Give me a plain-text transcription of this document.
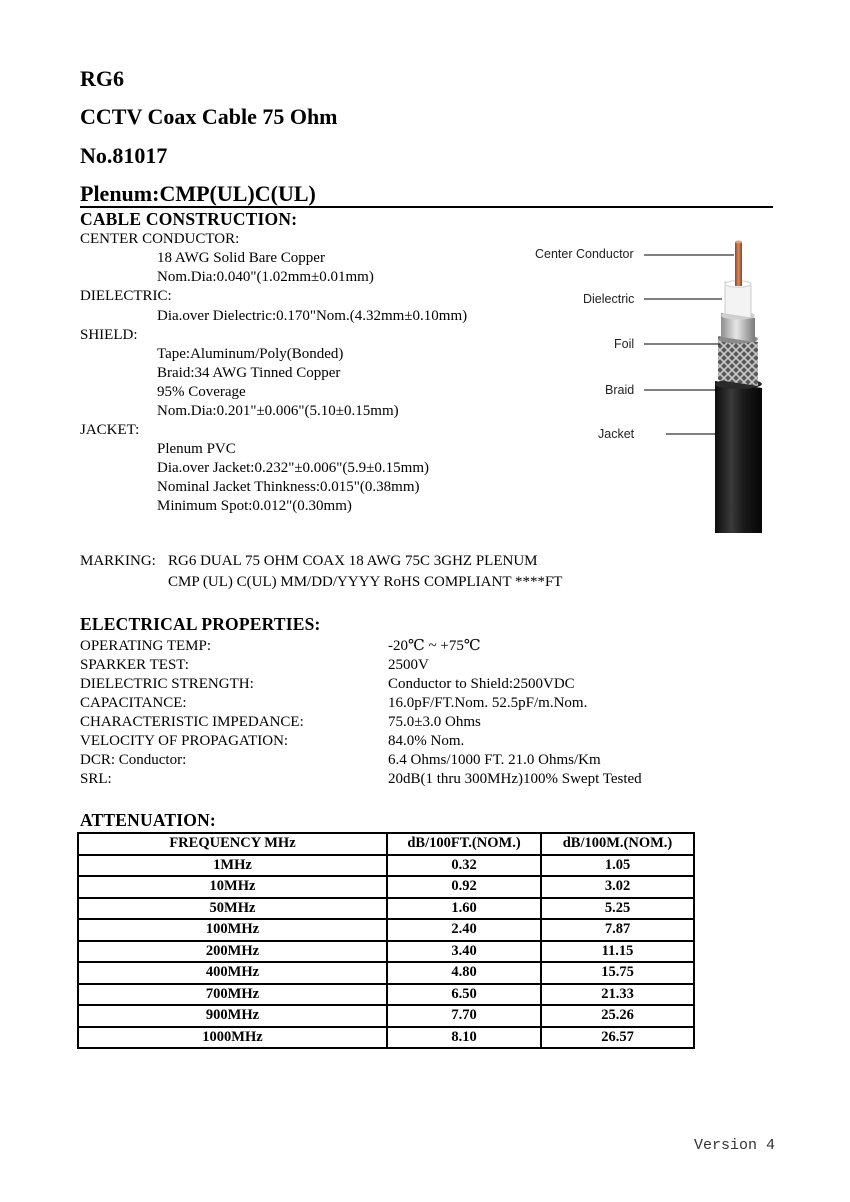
RG6
CCTV Coax Cable 75 Ohm
No.81017
Plenum:CMP(UL)C(UL)
CABLE CONSTRUCTION:
CENTER CONDUCTOR:
18 AWG Solid Bare Copper
Nom.Dia:0.040"(1.02mm±0.01mm)
DIELECTRIC:
Dia.over Dielectric:0.170"Nom.(4.32mm±0.10mm)
SHIELD:
Tape:Aluminum/Poly(Bonded)
Braid:34 AWG Tinned Copper
95% Coverage
Nom.Dia:0.201"±0.006"(5.10±0.15mm)
JACKET:
Plenum PVC
Dia.over Jacket:0.232"±0.006"(5.9±0.15mm)
Nominal Jacket Thinkness:0.015"(0.38mm)
Minimum Spot:0.012"(0.30mm)
Center Conductor
Dielectric
Foil
Braid
Jacket
MARKING: RG6 DUAL 75 OHM COAX 18 AWG 75C 3GHZ PLENUM
CMP (UL) C(UL) MM/DD/YYYY RoHS COMPLIANT ****FT
ELECTRICAL PROPERTIES:
OPERATING TEMP:	-20℃ ~ +75℃
SPARKER TEST:	2500V
DIELECTRIC STRENGTH:	Conductor to Shield:2500VDC
CAPACITANCE:	16.0pF/FT.Nom. 52.5pF/m.Nom.
CHARACTERISTIC IMPEDANCE:	75.0±3.0 Ohms
VELOCITY OF PROPAGATION:	84.0% Nom.
DCR: Conductor:	6.4 Ohms/1000 FT. 21.0 Ohms/Km
SRL:	20dB(1 thru 300MHz)100% Swept Tested
ATTENUATION:
FREQUENCY MHz	dB/100FT.(NOM.)	dB/100M.(NOM.)
1MHz	0.32	1.05
10MHz	0.92	3.02
50MHz	1.60	5.25
100MHz	2.40	7.87
200MHz	3.40	11.15
400MHz	4.80	15.75
700MHz	6.50	21.33
900MHz	7.70	25.26
1000MHz	8.10	26.57
Version 4
